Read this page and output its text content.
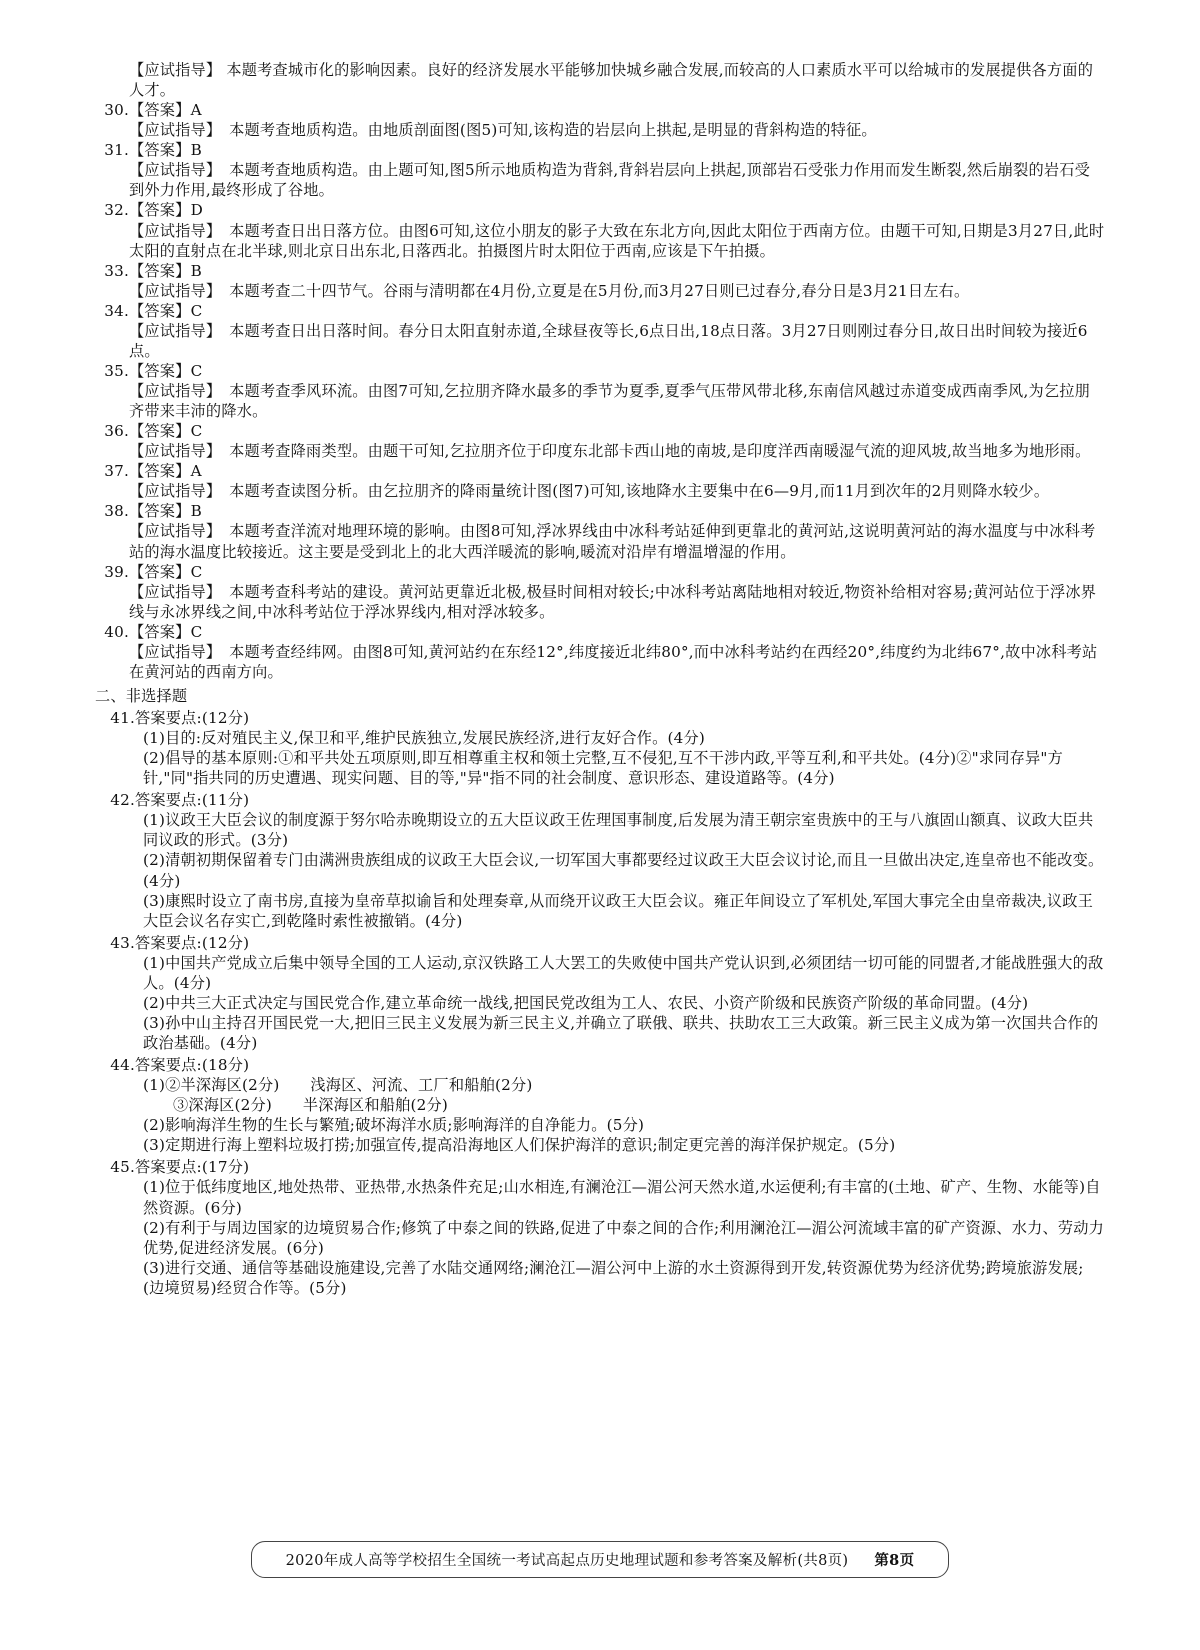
【应试指导】 本题考查城市化的影响因素。良好的经济发展水平能够加快城乡融合发展,而较高的人口素质水平可以给城市的发展提供各方面的人才。
30. 【答案】A
【应试指导】　 本题考查地质构造。由地质剖面图(图5)可知,该构造的岩层向上拱起,是明显的背斜构造的特征。
31. 【答案】B
【应试指导】　 本题考查地质构造。由上题可知,图5所示地质构造为背斜,背斜岩层向上拱起,顶部岩石受张力作用而发生断裂,然后崩裂的岩石受到外力作用,最终形成了谷地。
32. 【答案】D
【应试指导】　 本题考查日出日落方位。由图6可知,这位小朋友的影子大致在东北方向,因此太阳位于西南方位。由题干可知,日期是3月27日,此时太阳的直射点在北半球,则北京日出东北,日落西北。拍摄图片时太阳位于西南,应该是下午拍摄。
33. 【答案】B
【应试指导】　 本题考查二十四节气。谷雨与清明都在4月份,立夏是在5月份,而3月27日则已过春分,春分日是3月21日左右。
34. 【答案】C
【应试指导】　 本题考查日出日落时间。春分日太阳直射赤道,全球昼夜等长,6点日出,18点日落。3月27日则刚过春分日,故日出时间较为接近6点。
35. 【答案】C
【应试指导】　 本题考查季风环流。由图7可知,乞拉朋齐降水最多的季节为夏季,夏季气压带风带北移,东南信风越过赤道变成西南季风,为乞拉朋齐带来丰沛的降水。
36. 【答案】C
【应试指导】　 本题考查降雨类型。由题干可知,乞拉朋齐位于印度东北部卡西山地的南坡,是印度洋西南暖湿气流的迎风坡,故当地多为地形雨。
37. 【答案】A
【应试指导】　 本题考查读图分析。由乞拉朋齐的降雨量统计图(图7)可知,该地降水主要集中在6—9月,而11月到次年的2月则降水较少。
38. 【答案】B
【应试指导】　 本题考查洋流对地理环境的影响。由图8可知,浮冰界线由中冰科考站延伸到更靠北的黄河站,这说明黄河站的海水温度与中冰科考站的海水温度比较接近。这主要是受到北上的北大西洋暖流的影响,暖流对沿岸有增温增湿的作用。
39. 【答案】C
【应试指导】　 本题考查科考站的建设。黄河站更靠近北极,极昼时间相对较长;中冰科考站离陆地相对较近,物资补给相对容易;黄河站位于浮冰界线与永冰界线之间,中冰科考站位于浮冰界线内,相对浮冰较多。
40. 【答案】C
【应试指导】　 本题考查经纬网。由图8可知,黄河站约在东经12°,纬度接近北纬80°,而中冰科考站约在西经20°,纬度约为北纬67°,故中冰科考站在黄河站的西南方向。
二、非选择题
41. 答案要点:(12分)
(1)目的:反对殖民主义,保卫和平,维护民族独立,发展民族经济,进行友好合作。(4分)
(2)倡导的基本原则:①和平共处五项原则,即互相尊重主权和领土完整,互不侵犯,互不干涉内政,平等互利,和平共处。(4分)②"求同存异"方针,"同"指共同的历史遭遇、现实问题、目的等,"异"指不同的社会制度、意识形态、建设道路等。(4分)
42. 答案要点:(11分)
(1)议政王大臣会议的制度源于努尔哈赤晚期设立的五大臣议政王佐理国事制度,后发展为清王朝宗室贵族中的王与八旗固山额真、议政大臣共同议政的形式。(3分)
(2)清朝初期保留着专门由满洲贵族组成的议政王大臣会议,一切军国大事都要经过议政王大臣会议讨论,而且一旦做出决定,连皇帝也不能改变。(4分)
(3)康熙时设立了南书房,直接为皇帝草拟谕旨和处理奏章,从而绕开议政王大臣会议。雍正年间设立了军机处,军国大事完全由皇帝裁决,议政王大臣会议名存实亡,到乾隆时索性被撤销。(4分)
43. 答案要点:(12分)
(1)中国共产党成立后集中领导全国的工人运动,京汉铁路工人大罢工的失败使中国共产党认识到,必须团结一切可能的同盟者,才能战胜强大的敌人。(4分)
(2)中共三大正式决定与国民党合作,建立革命统一战线,把国民党改组为工人、农民、小资产阶级和民族资产阶级的革命同盟。(4分)
(3)孙中山主持召开国民党一大,把旧三民主义发展为新三民主义,并确立了联俄、联共、扶助农工三大政策。新三民主义成为第一次国共合作的政治基础。(4分)
44. 答案要点:(18分)
(1)②半深海区(2分)　　浅海区、河流、工厂和船舶(2分)
③深海区(2分)　　半深海区和船舶(2分)
(2)影响海洋生物的生长与繁殖;破坏海洋水质;影响海洋的自净能力。(5分)
(3)定期进行海上塑料垃圾打捞;加强宣传,提高沿海地区人们保护海洋的意识;制定更完善的海洋保护规定。(5分)
45. 答案要点:(17分)
(1)位于低纬度地区,地处热带、亚热带,水热条件充足;山水相连,有澜沧江—湄公河天然水道,水运便利;有丰富的(土地、矿产、生物、水能等)自然资源。(6分)
(2)有利于与周边国家的边境贸易合作;修筑了中泰之间的铁路,促进了中泰之间的合作;利用澜沧江—湄公河流域丰富的矿产资源、水力、劳动力优势,促进经济发展。(6分)
(3)进行交通、通信等基础设施建设,完善了水陆交通网络;澜沧江—湄公河中上游的水土资源得到开发,转资源优势为经济优势;跨境旅游发展;(边境贸易)经贸合作等。(5分)
2020年成人高等学校招生全国统一考试高起点历史地理试题和参考答案及解析(共8页) 第8页
